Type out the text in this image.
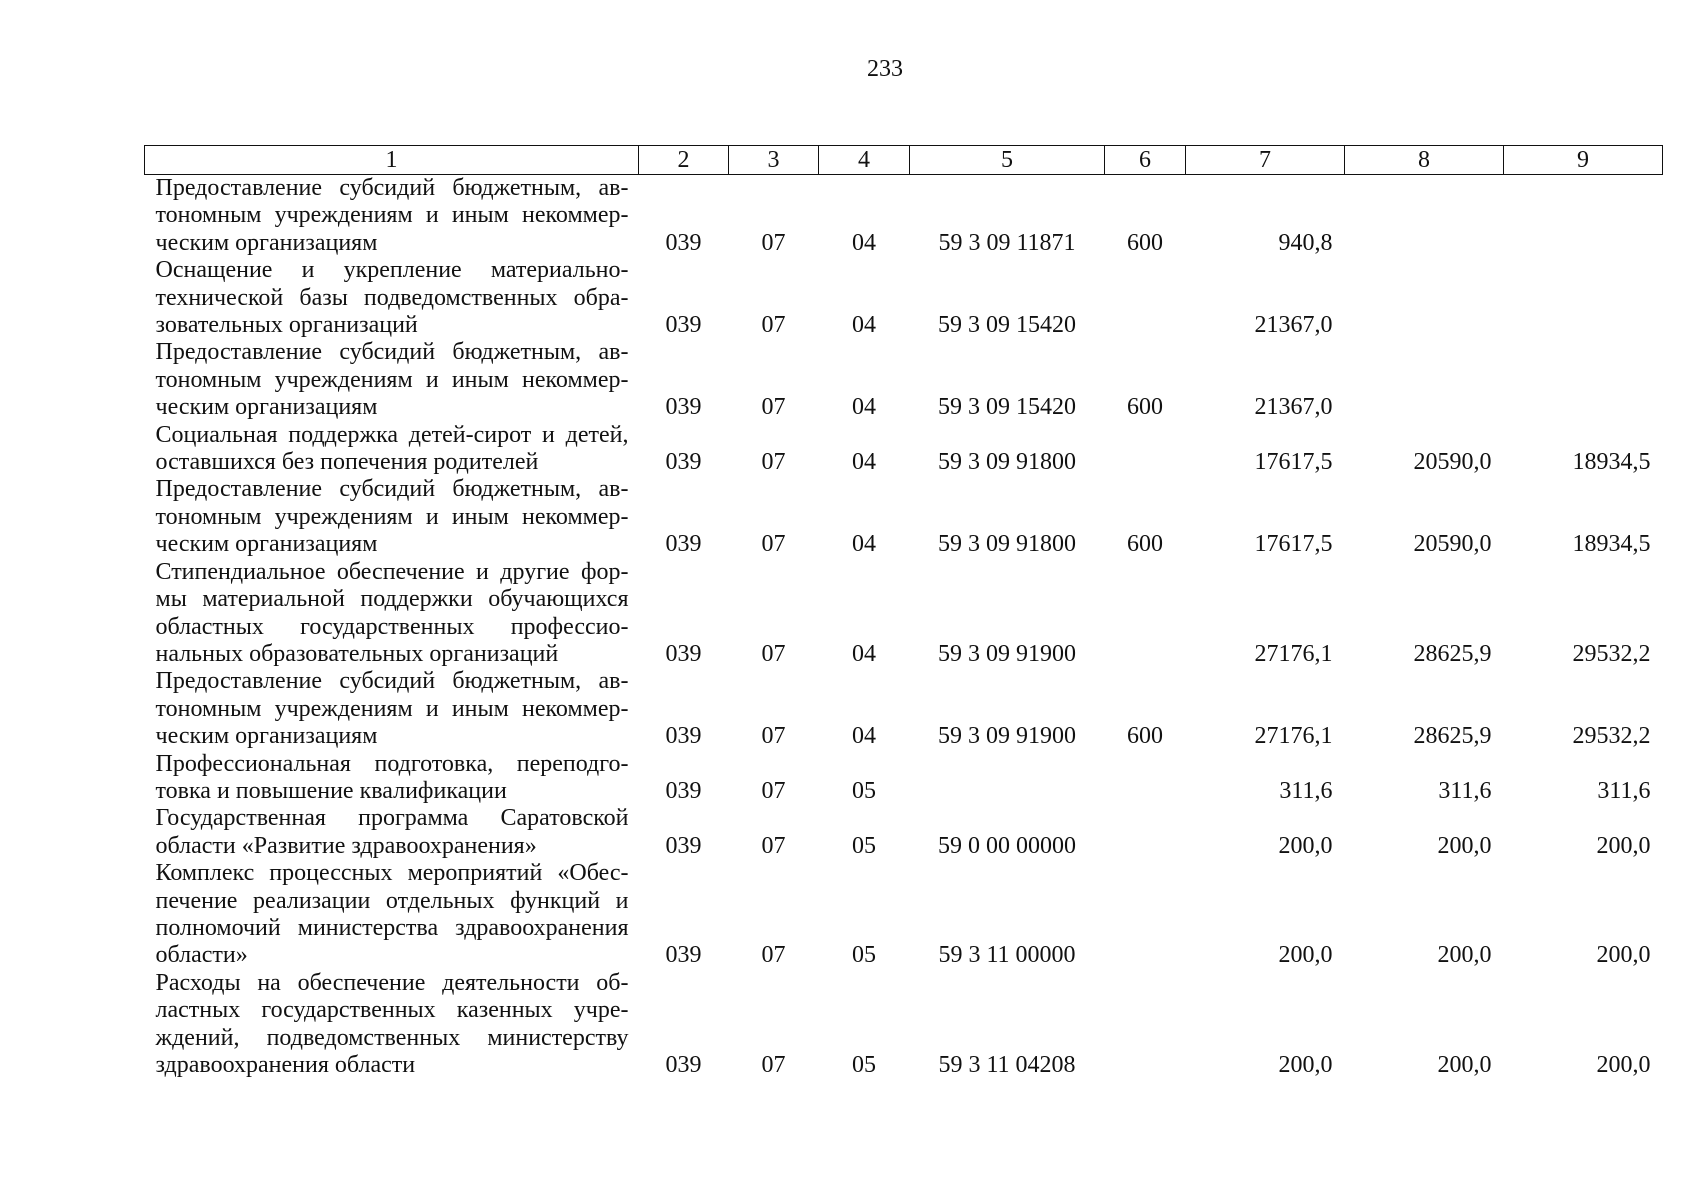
233
1	2	3	4	5	6	7	8	9
Предоставление субсидий бюджетным, автономным учреждениям и иным некоммерческим организациям	039	07	04	59 3 09 11871	600	940,8		
Оснащение и укрепление материально-технической базы подведомственных образовательных организаций	039	07	04	59 3 09 15420		21367,0		
Предоставление субсидий бюджетным, автономным учреждениям и иным некоммерческим организациям	039	07	04	59 3 09 15420	600	21367,0		
Социальная поддержка детей-сирот и детей, оставшихся без попечения родителей	039	07	04	59 3 09 91800		17617,5	20590,0	18934,5
Предоставление субсидий бюджетным, автономным учреждениям и иным некоммерческим организациям	039	07	04	59 3 09 91800	600	17617,5	20590,0	18934,5
Стипендиальное обеспечение и другие формы материальной поддержки обучающихся областных государственных профессиональных образовательных организаций	039	07	04	59 3 09 91900		27176,1	28625,9	29532,2
Предоставление субсидий бюджетным, автономным учреждениям и иным некоммерческим организациям	039	07	04	59 3 09 91900	600	27176,1	28625,9	29532,2
Профессиональная подготовка, переподготовка и повышение квалификации	039	07	05			311,6	311,6	311,6
Государственная программа Саратовской области «Развитие здравоохранения»	039	07	05	59 0 00 00000		200,0	200,0	200,0
Комплекс процессных мероприятий «Обеспечение реализации отдельных функций и полномочий министерства здравоохранения области»	039	07	05	59 3 11 00000		200,0	200,0	200,0
Расходы на обеспечение деятельности областных государственных казенных учреждений, подведомственных министерству здравоохранения области	039	07	05	59 3 11 04208		200,0	200,0	200,0
